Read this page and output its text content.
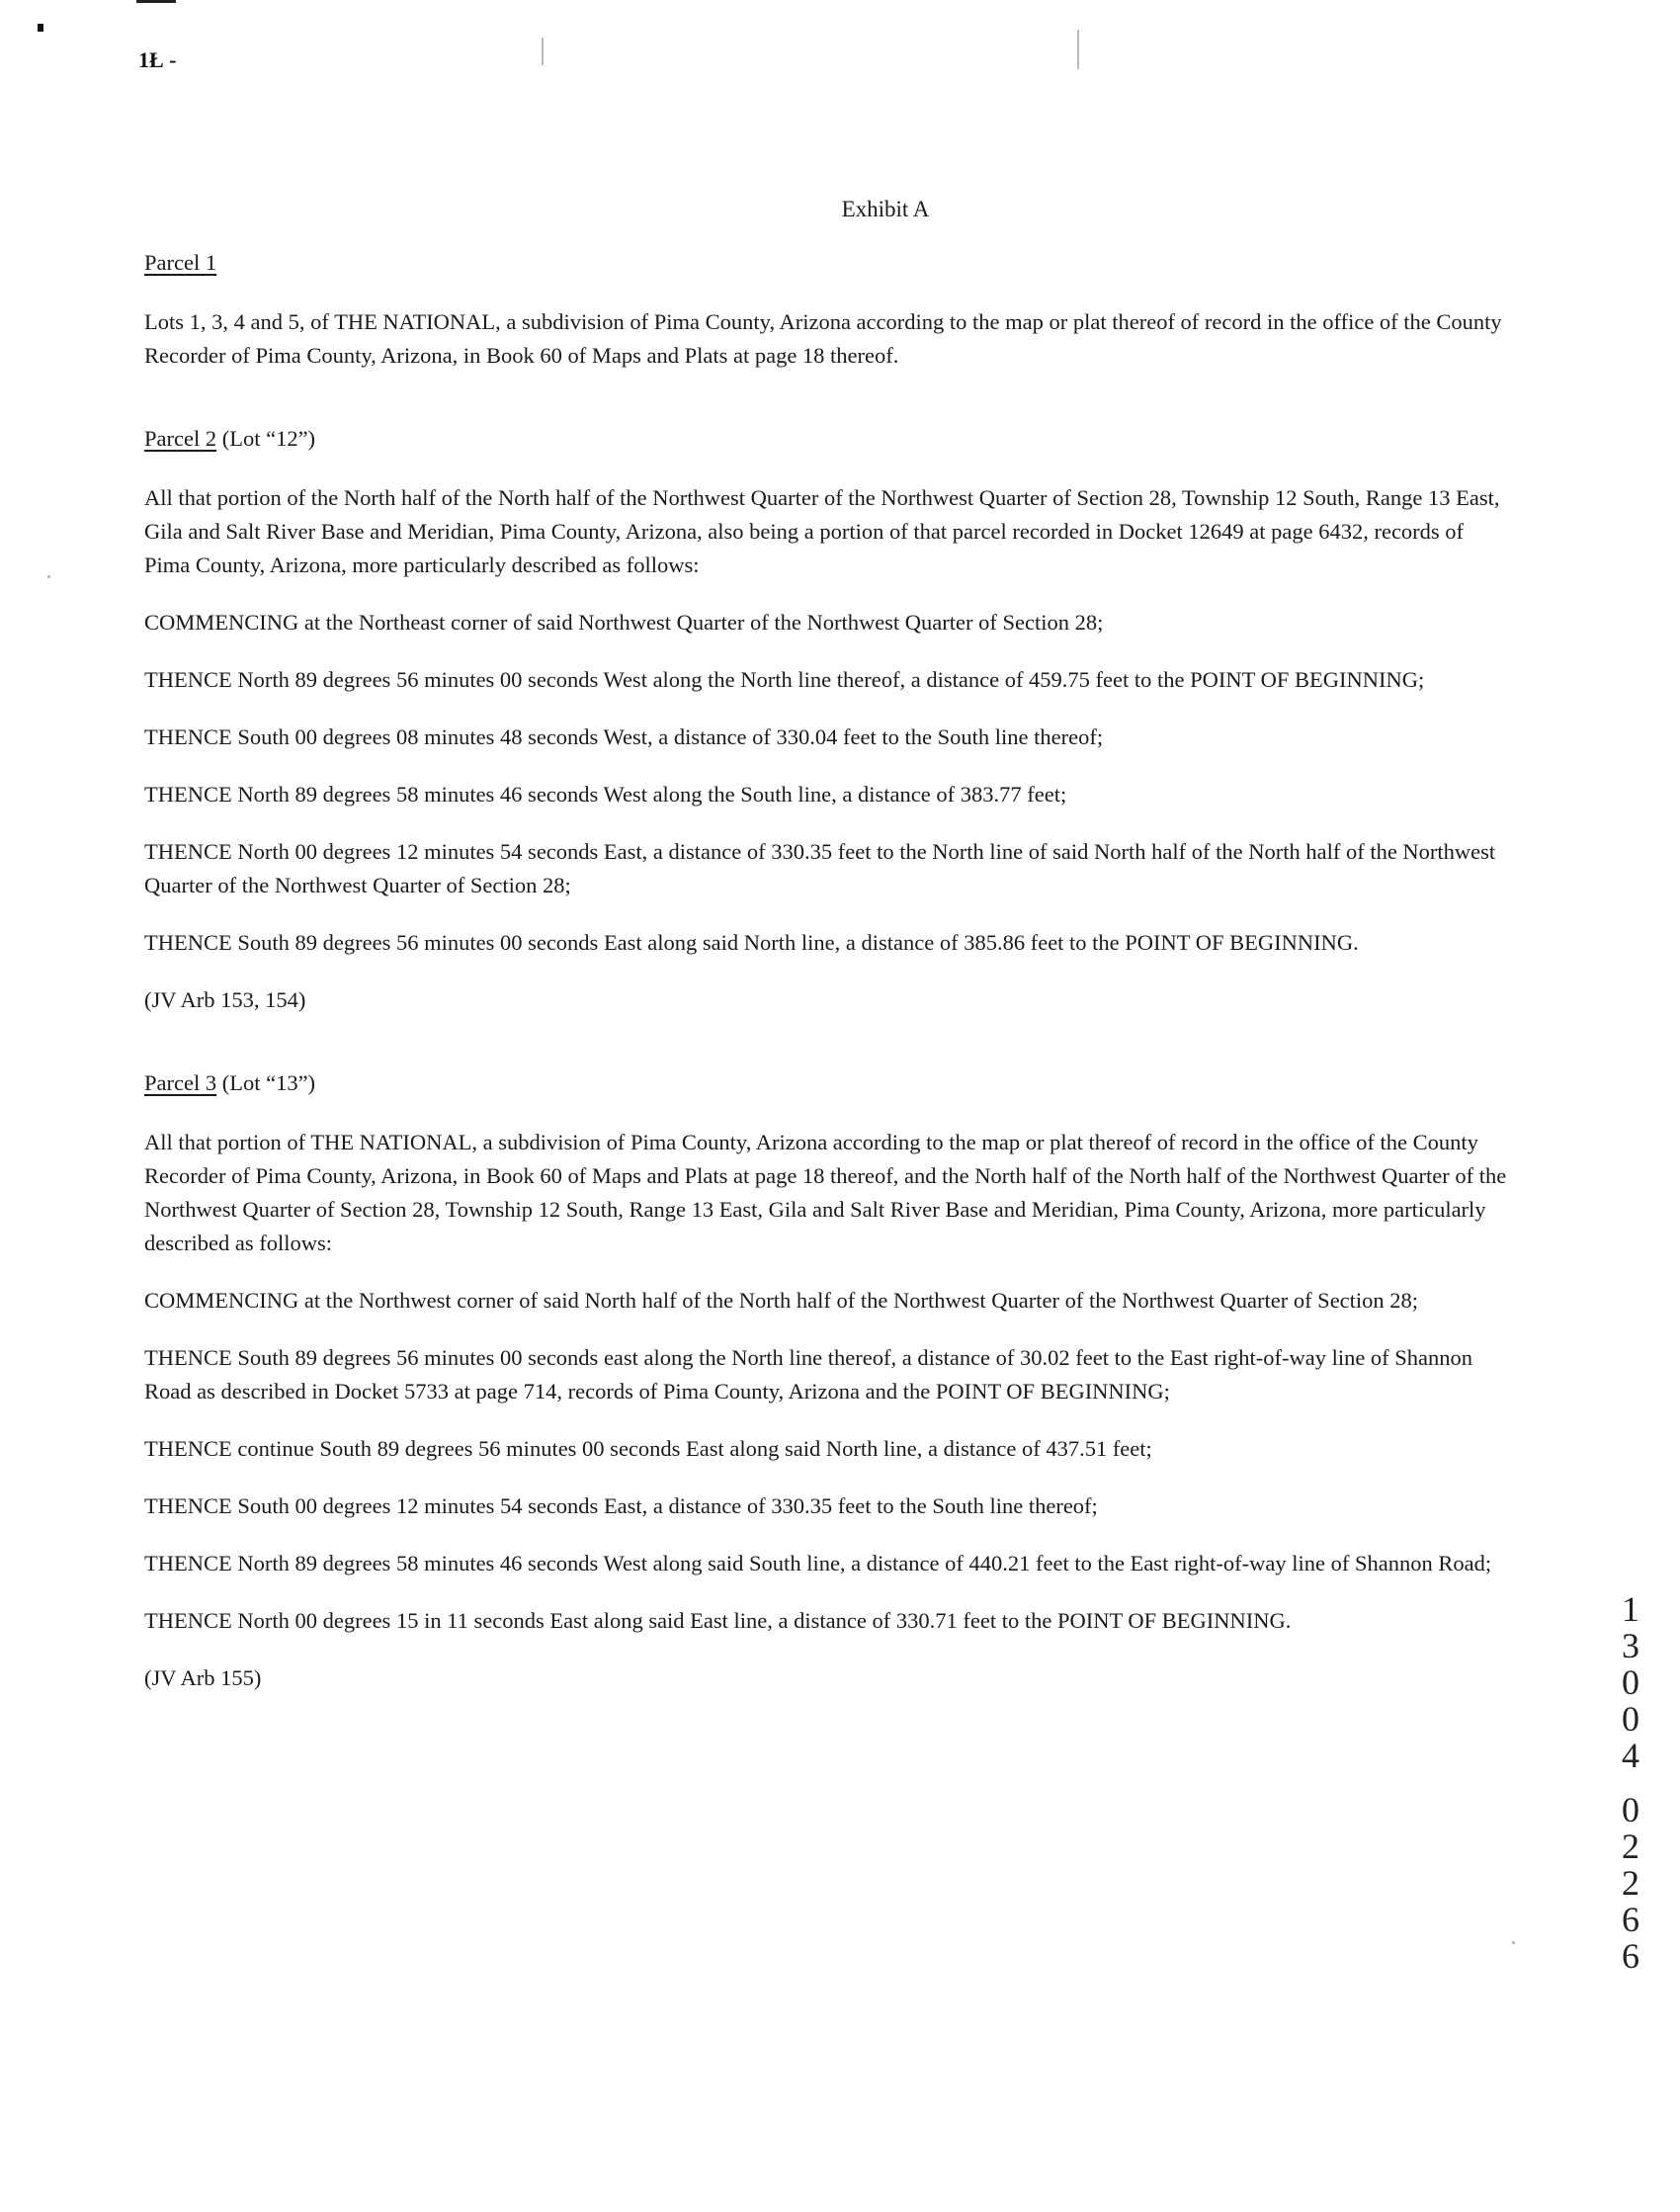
1Ł -
Exhibit A
Parcel 1
Lots 1, 3, 4 and 5, of THE NATIONAL, a subdivision of Pima County, Arizona according to the map or plat thereof of record in the office of the County Recorder of Pima County, Arizona, in Book 60 of Maps and Plats at page 18 thereof.
Parcel 2 (Lot “12”)
All that portion of the North half of the North half of the Northwest Quarter of the Northwest Quarter of Section 28, Township 12 South, Range 13 East, Gila and Salt River Base and Meridian, Pima County, Arizona, also being a portion of that parcel recorded in Docket 12649 at page 6432, records of Pima County, Arizona, more particularly described as follows:
COMMENCING at the Northeast corner of said Northwest Quarter of the Northwest Quarter of Section 28;
THENCE North 89 degrees 56 minutes 00 seconds West along the North line thereof, a distance of 459.75 feet to the POINT OF BEGINNING;
THENCE South 00 degrees 08 minutes 48 seconds West, a distance of 330.04 feet to the South line thereof;
THENCE North 89 degrees 58 minutes 46 seconds West along the South line, a distance of 383.77 feet;
THENCE North 00 degrees 12 minutes 54 seconds East, a distance of 330.35 feet to the North line of said North half of the North half of the Northwest Quarter of the Northwest Quarter of Section 28;
THENCE South 89 degrees 56 minutes 00 seconds East along said North line, a distance of 385.86 feet to the POINT OF BEGINNING.
(JV Arb 153, 154)
Parcel 3 (Lot “13”)
All that portion of THE NATIONAL, a subdivision of Pima County, Arizona according to the map or plat thereof of record in the office of the County Recorder of Pima County, Arizona, in Book 60 of Maps and Plats at page 18 thereof, and the North half of the North half of the Northwest Quarter of the Northwest Quarter of Section 28, Township 12 South, Range 13 East, Gila and Salt River Base and Meridian, Pima County, Arizona, more particularly described as follows:
COMMENCING at the Northwest corner of said North half of the North half of the Northwest Quarter of the Northwest Quarter of Section 28;
THENCE South 89 degrees 56 minutes 00 seconds east along the North line thereof, a distance of 30.02 feet to the East right-of-way line of Shannon Road as described in Docket 5733 at page 714, records of Pima County, Arizona and the POINT OF BEGINNING;
THENCE continue South 89 degrees 56 minutes 00 seconds East along said North line, a distance of 437.51 feet;
THENCE South 00 degrees 12 minutes 54 seconds East, a distance of 330.35 feet to the South line thereof;
THENCE North 89 degrees 58 minutes 46 seconds West along said South line, a distance of 440.21 feet to the East right-of-way line of Shannon Road;
THENCE North 00 degrees 15 in 11 seconds East along said East line, a distance of 330.71 feet to the POINT OF BEGINNING.
(JV Arb 155)
1
3
0
0
4
0
2
2
6
6
